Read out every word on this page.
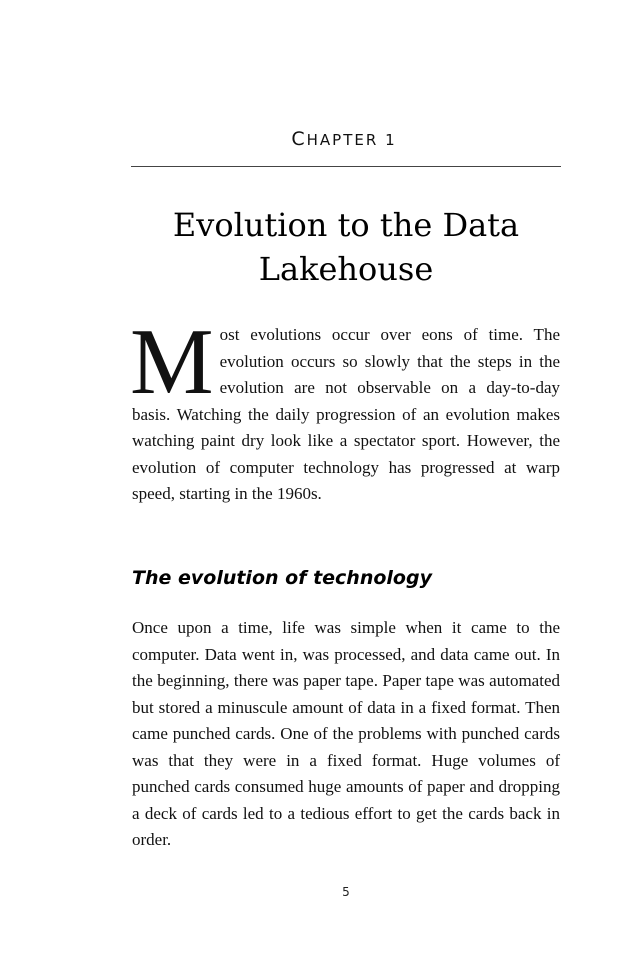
CHAPTER 1
Evolution to the Data Lakehouse
Most evolutions occur over eons of time. The evolution occurs so slowly that the steps in the evolution are not observable on a day-to-day basis. Watching the daily progression of an evolution makes watching paint dry look like a spectator sport. However, the evolution of computer technology has progressed at warp speed, starting in the 1960s.
The evolution of technology
Once upon a time, life was simple when it came to the computer. Data went in, was processed, and data came out. In the beginning, there was paper tape. Paper tape was automated but stored a minuscule amount of data in a fixed format. Then came punched cards. One of the problems with punched cards was that they were in a fixed format. Huge volumes of punched cards consumed huge amounts of paper and dropping a deck of cards led to a tedious effort to get the cards back in order.
5
